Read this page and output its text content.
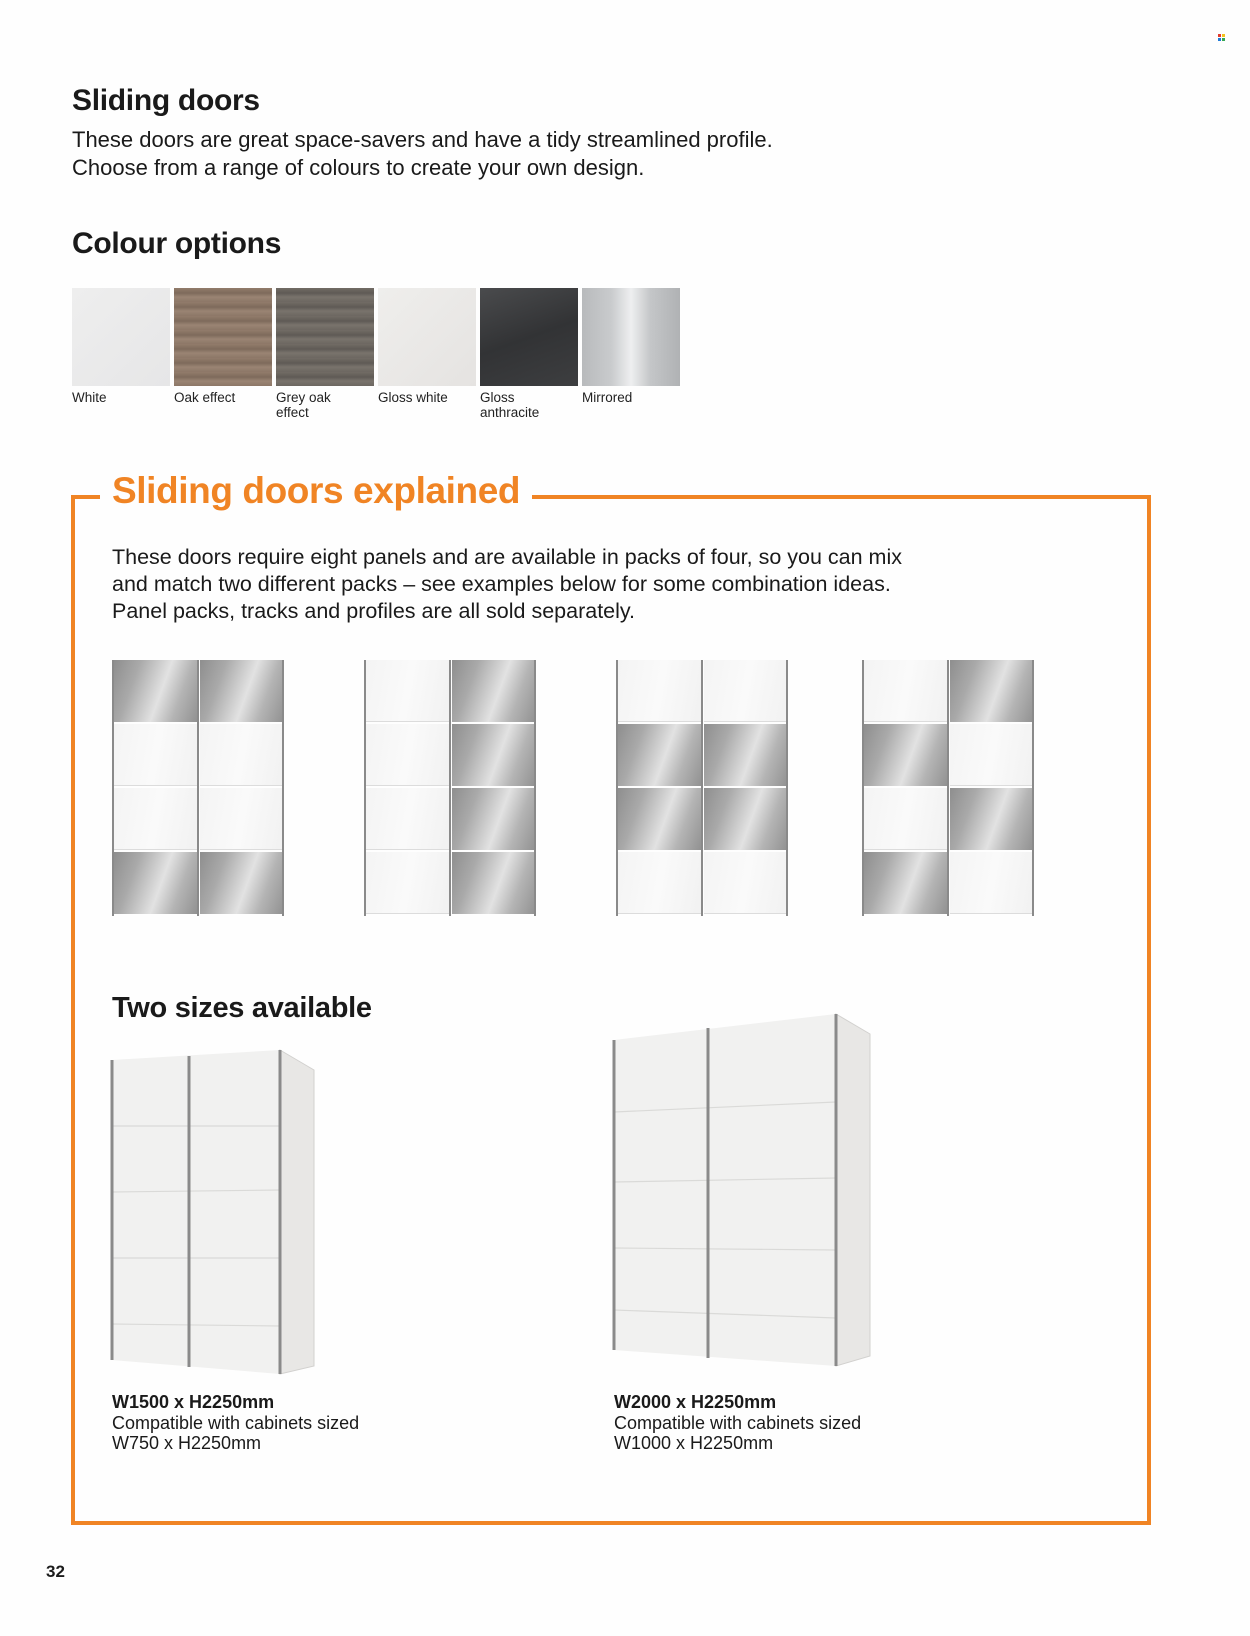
Sliding doors
These doors are great space-savers and have a tidy streamlined profile.
Choose from a range of colours to create your own design.
Colour options
White	Oak effect	Grey oak
effect
Gloss white	Gloss
anthracite
Mirrored
Sliding doors explained
These doors require eight panels and are available in packs of four, so you can mix
and match two different packs – see examples below for some combination ideas.
Panel packs, tracks and profiles are all sold separately.
Two sizes available
W1500 x H2250mm
Compatible with cabinets sized
W750 x H2250mm
W2000 x H2250mm
Compatible with cabinets sized
W1000 x H2250mm
32
